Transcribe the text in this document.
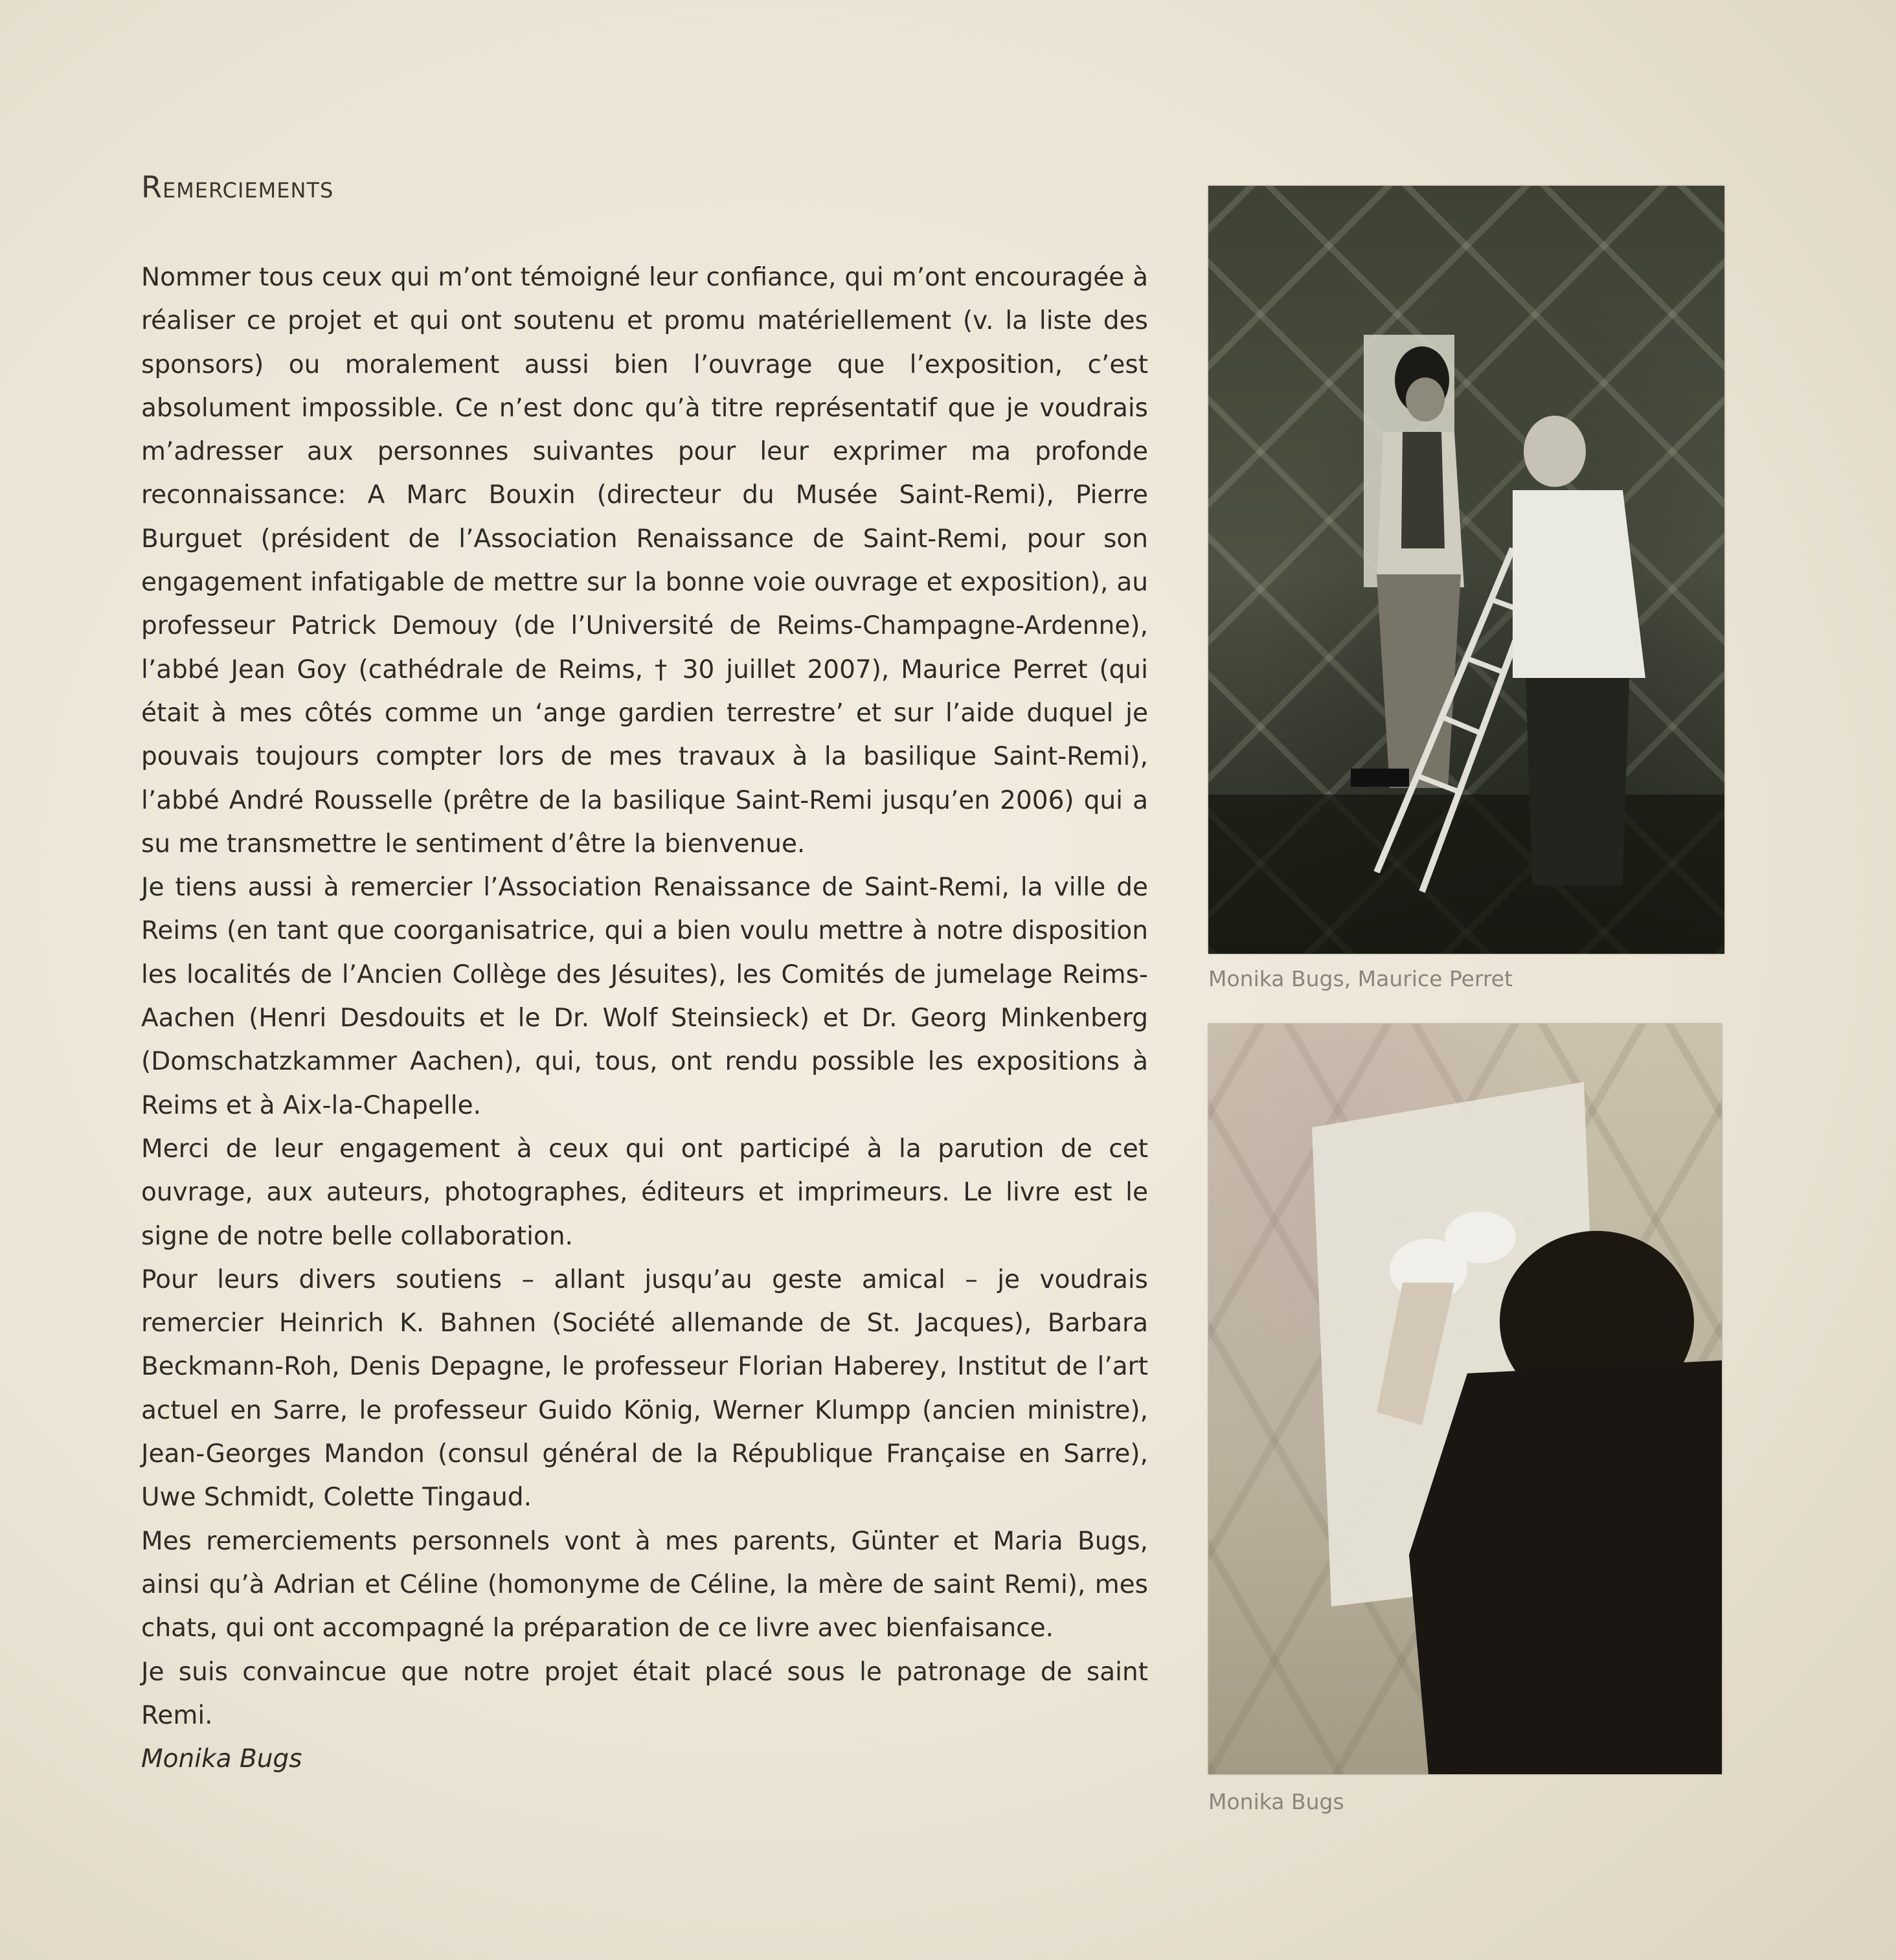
Remerciements

Nommer tous ceux qui m’ont témoigné leur confiance, qui m’ont encouragée à réaliser ce projet et qui ont soutenu et promu matériellement (v. la liste des sponsors) ou moralement aussi bien l’ouvrage que l’exposition, c’est absolument impossible. Ce n’est donc qu’à titre représentatif que je voudrais m’adresser aux personnes suivantes pour leur exprimer ma profonde reconnaissance: A Marc Bouxin (directeur du Musée Saint-Remi), Pierre Burguet (président de l’Association Renaissance de Saint-Remi, pour son engagement infatigable de mettre sur la bonne voie ouvrage et exposition), au professeur Patrick Demouy (de l’Université de Reims-Champagne-Ardenne), l’abbé Jean Goy (cathédrale de Reims, † 30 juillet 2007), Maurice Perret (qui était à mes côtés comme un ‘ange gardien terrestre’ et sur l’aide duquel je pouvais toujours compter lors de mes travaux à la basilique Saint-Remi), l’abbé André Rousselle (prêtre de la basilique Saint-Remi jusqu’en 2006) qui a su me transmettre le sentiment d’être la bienvenue.

Je tiens aussi à remercier l’Association Renaissance de Saint-Remi, la ville de Reims (en tant que coorganisatrice, qui a bien voulu mettre à notre disposition les localités de l’Ancien Collège des Jésuites), les Comités de jumelage Reims-Aachen (Henri Desdouits et le Dr. Wolf Steinsieck) et Dr. Georg Minkenberg (Domschatzkammer Aachen), qui, tous, ont rendu possible les expositions à Reims et à Aix-la-Chapelle.

Merci de leur engagement à ceux qui ont participé à la parution de cet ouvrage, aux auteurs, photographes, éditeurs et imprimeurs. Le livre est le signe de notre belle collaboration.

Pour leurs divers soutiens – allant jusqu’au geste amical – je voudrais remercier Heinrich K. Bahnen (Société allemande de St. Jacques), Barbara Beckmann-Roh, Denis Depagne, le professeur Florian Haberey, Institut de l’art actuel en Sarre, le professeur Guido König, Werner Klumpp (ancien ministre), Jean-Georges Mandon (consul général de la République Française en Sarre), Uwe Schmidt, Colette Tingaud.

Mes remerciements personnels vont à mes parents, Günter et Maria Bugs, ainsi qu’à Adrian et Céline (homonyme de Céline, la mère de saint Remi), mes chats, qui ont accompagné la préparation de ce livre avec bienfaisance.

Je suis convaincue que notre projet était placé sous le patronage de saint Remi.

Monika Bugs

Monika Bugs, Maurice Perret
Monika Bugs
